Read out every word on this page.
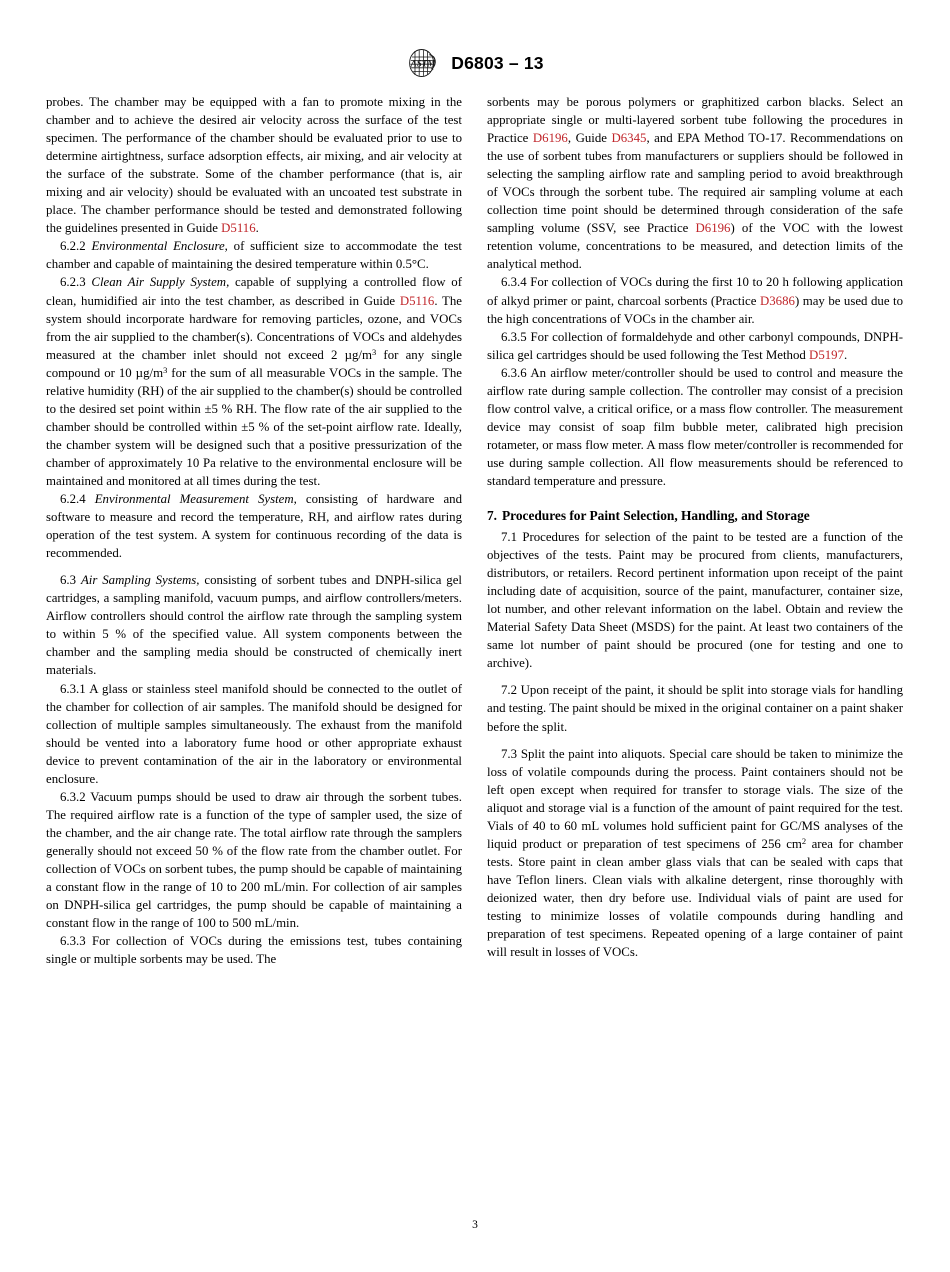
ASTM D6803 – 13

probes. The chamber may be equipped with a fan to promote mixing in the chamber and to achieve the desired air velocity across the surface of the test specimen. The performance of the chamber should be evaluated prior to use to determine airtightness, surface adsorption effects, air mixing, and air velocity at the surface of the substrate. Some of the chamber performance (that is, air mixing and air velocity) should be evaluated with an uncoated test substrate in place. The chamber performance should be tested and demonstrated following the guidelines presented in Guide D5116.

6.2.2 Environmental Enclosure, of sufficient size to accommodate the test chamber and capable of maintaining the desired temperature within 0.5°C.

6.2.3 Clean Air Supply System, capable of supplying a controlled flow of clean, humidified air into the test chamber, as described in Guide D5116. The system should incorporate hardware for removing particles, ozone, and VOCs from the air supplied to the chamber(s). Concentrations of VOCs and aldehydes measured at the chamber inlet should not exceed 2 $\mu g/m^3$ for any single compound or 10 $\mu g/m^3$ for the sum of all measurable VOCs in the sample. The relative humidity (RH) of the air supplied to the chamber(s) should be controlled to the desired set point within ±5 % RH. The flow rate of the air supplied to the chamber should be controlled within ±5 % of the set-point airflow rate. Ideally, the chamber system will be designed such that a positive pressurization of the chamber of approximately 10 Pa relative to the environmental enclosure will be maintained and monitored at all times during the test.

6.2.4 Environmental Measurement System, consisting of hardware and software to measure and record the temperature, RH, and airflow rates during operation of the test system. A system for continuous recording of the data is recommended.

6.3 Air Sampling Systems, consisting of sorbent tubes and DNPH-silica gel cartridges, a sampling manifold, vacuum pumps, and airflow controllers/meters. Airflow controllers should control the airflow rate through the sampling system to within 5 % of the specified value. All system components between the chamber and the sampling media should be constructed of chemically inert materials.

6.3.1 A glass or stainless steel manifold should be connected to the outlet of the chamber for collection of air samples. The manifold should be designed for collection of multiple samples simultaneously. The exhaust from the manifold should be vented into a laboratory fume hood or other appropriate exhaust device to prevent contamination of the air in the laboratory or environmental enclosure.

6.3.2 Vacuum pumps should be used to draw air through the sorbent tubes. The required airflow rate is a function of the type of sampler used, the size of the chamber, and the air change rate. The total airflow rate through the samplers generally should not exceed 50 % of the flow rate from the chamber outlet. For collection of VOCs on sorbent tubes, the pump should be capable of maintaining a constant flow in the range of 10 to 200 mL/min. For collection of air samples on DNPH-silica gel cartridges, the pump should be capable of maintaining a constant flow in the range of 100 to 500 mL/min.

6.3.3 For collection of VOCs during the emissions test, tubes containing single or multiple sorbents may be used. The

sorbents may be porous polymers or graphitized carbon blacks. Select an appropriate single or multi-layered sorbent tube following the procedures in Practice D6196, Guide D6345, and EPA Method TO-17. Recommendations on the use of sorbent tubes from manufacturers or suppliers should be followed in selecting the sampling airflow rate and sampling period to avoid breakthrough of VOCs through the sorbent tube. The required air sampling volume at each collection time point should be determined through consideration of the safe sampling volume (SSV, see Practice D6196) of the VOC with the lowest retention volume, concentrations to be measured, and detection limits of the analytical method.

6.3.4 For collection of VOCs during the first 10 to 20 h following application of alkyd primer or paint, charcoal sorbents (Practice D3686) may be used due to the high concentrations of VOCs in the chamber air.

6.3.5 For collection of formaldehyde and other carbonyl compounds, DNPH-silica gel cartridges should be used following the Test Method D5197.

6.3.6 An airflow meter/controller should be used to control and measure the airflow rate during sample collection. The controller may consist of a precision flow control valve, a critical orifice, or a mass flow controller. The measurement device may consist of soap film bubble meter, calibrated high precision rotameter, or mass flow meter. A mass flow meter/controller is recommended for use during sample collection. All flow measurements should be referenced to standard temperature and pressure.

7. Procedures for Paint Selection, Handling, and Storage

7.1 Procedures for selection of the paint to be tested are a function of the objectives of the tests. Paint may be procured from clients, manufacturers, distributors, or retailers. Record pertinent information upon receipt of the paint including date of acquisition, source of the paint, manufacturer, container size, lot number, and other relevant information on the label. Obtain and review the Material Safety Data Sheet (MSDS) for the paint. At least two containers of the same lot number of paint should be procured (one for testing and one to archive).

7.2 Upon receipt of the paint, it should be split into storage vials for handling and testing. The paint should be mixed in the original container on a paint shaker before the split.

7.3 Split the paint into aliquots. Special care should be taken to minimize the loss of volatile compounds during the process. Paint containers should not be left open except when required for transfer to storage vials. The size of the aliquot and storage vial is a function of the amount of paint required for the test. Vials of 40 to 60 mL volumes hold sufficient paint for GC/MS analyses of the liquid product or preparation of test specimens of 256 $cm^2$ area for chamber tests. Store paint in clean amber glass vials that can be sealed with caps that have Teflon liners. Clean vials with alkaline detergent, rinse thoroughly with deionized water, then dry before use. Individual vials of paint are used for testing to minimize losses of volatile compounds during handling and preparation of test specimens. Repeated opening of a large container of paint will result in losses of VOCs.

3
